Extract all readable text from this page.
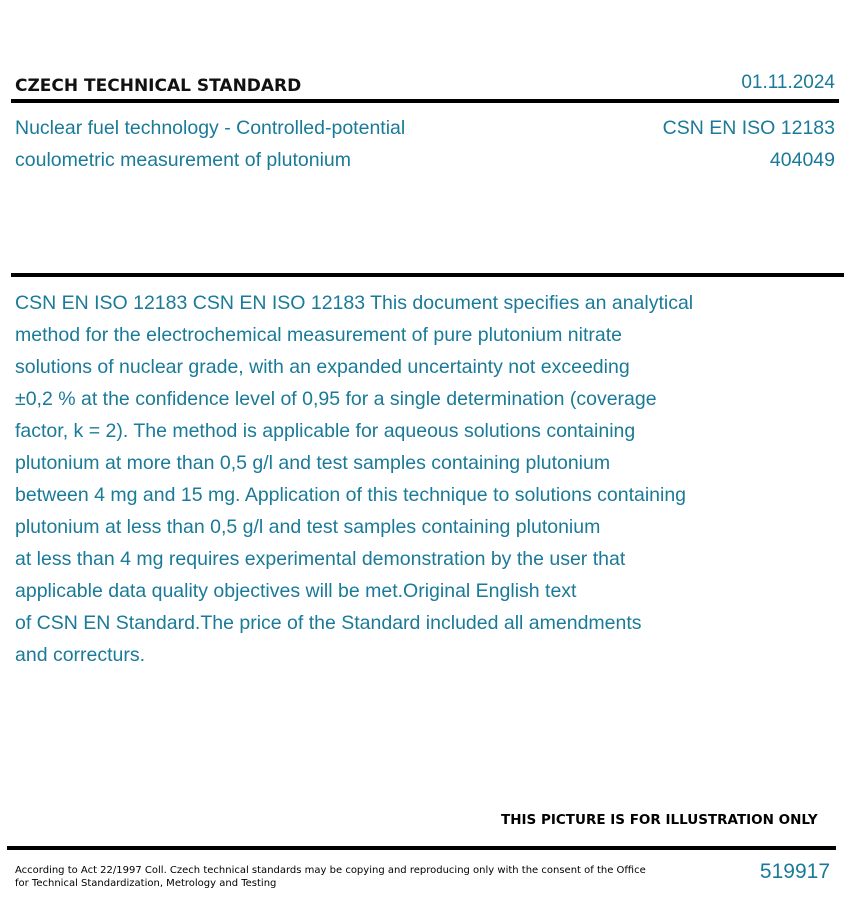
CZECH TECHNICAL STANDARD	01.11.2024
Nuclear fuel technology - Controlled-potential
coulometric measurement of plutonium
CSN EN ISO 12183
404049
CSN EN ISO 12183 CSN EN ISO 12183 This document specifies an analytical
method for the electrochemical measurement of pure plutonium nitrate
solutions of nuclear grade, with an expanded uncertainty not exceeding
±0,2 % at the confidence level of 0,95 for a single determination (coverage
factor, k = 2). The method is applicable for aqueous solutions containing
plutonium at more than 0,5 g/l and test samples containing plutonium
between 4 mg and 15 mg. Application of this technique to solutions containing
plutonium at less than 0,5 g/l and test samples containing plutonium
at less than 4 mg requires experimental demonstration by the user that
applicable data quality objectives will be met.Original English text
of CSN EN Standard.The price of the Standard included all amendments
and correcturs.
THIS PICTURE IS FOR ILLUSTRATION ONLY
According to Act 22/1997 Coll. Czech technical standards may be copying and reproducing only with the consent of the Office
for Technical Standardization, Metrology and Testing
519917
